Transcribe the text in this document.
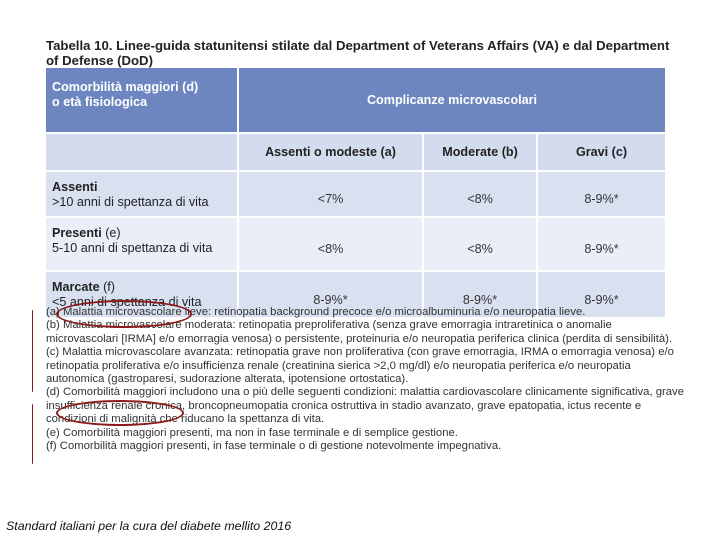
Tabella 10. Linee-guida statunitensi stilate dal Department of Veterans Affairs (VA) e dal Department of Defense (DoD)
Comorbilità maggiori (d)
o età fisiologica	Complicanze microvascolari		
	Assenti o modeste (a)	Moderate (b)	Gravi (c)
Assenti
>10 anni di spettanza di vita	<7%	<8%	8-9%*
Presenti (e)
5-10 anni di spettanza di vita	<8%	<8%	8-9%*
Marcate (f)
<5 anni di spettanza di vita	8-9%*	8-9%*	8-9%*
(a) Malattia microvascolare lieve: retinopatia background precoce e/o microalbuminuria e/o neuropatia lieve.
(b) Malattia microvascolare moderata: retinopatia preproliferativa (senza grave emorragia intraretinica o anomalie microvascolari [IRMA] e/o emorragia venosa) o persistente, proteinuria e/o neuropatia periferica clinica (perdita di sensibilità).
(c) Malattia microvascolare avanzata: retinopatia grave non proliferativa (con grave emorragia, IRMA o emorragia venosa) e/o retinopatia proliferativa e/o insufficienza renale (creatinina sierica >2,0 mg/dl) e/o neuropatia periferica e/o neuropatia autonomica (gastroparesi, sudorazione alterata, ipotensione ortostatica).
(d) Comorbilità maggiori includono una o più delle seguenti condizioni: malattia cardiovascolare clinicamente significativa, grave insufficienza renale cronica, broncopneumopatia cronica ostruttiva in stadio avanzato, grave epatopatia, ictus recente e condizioni di malignità che riducano la spettanza di vita.
(e) Comorbilità maggiori presenti, ma non in fase terminale e di semplice gestione.
(f) Comorbilità maggiori presenti, in fase terminale o di gestione notevolmente impegnativa.
Standard italiani per la cura del diabete mellito 2016
